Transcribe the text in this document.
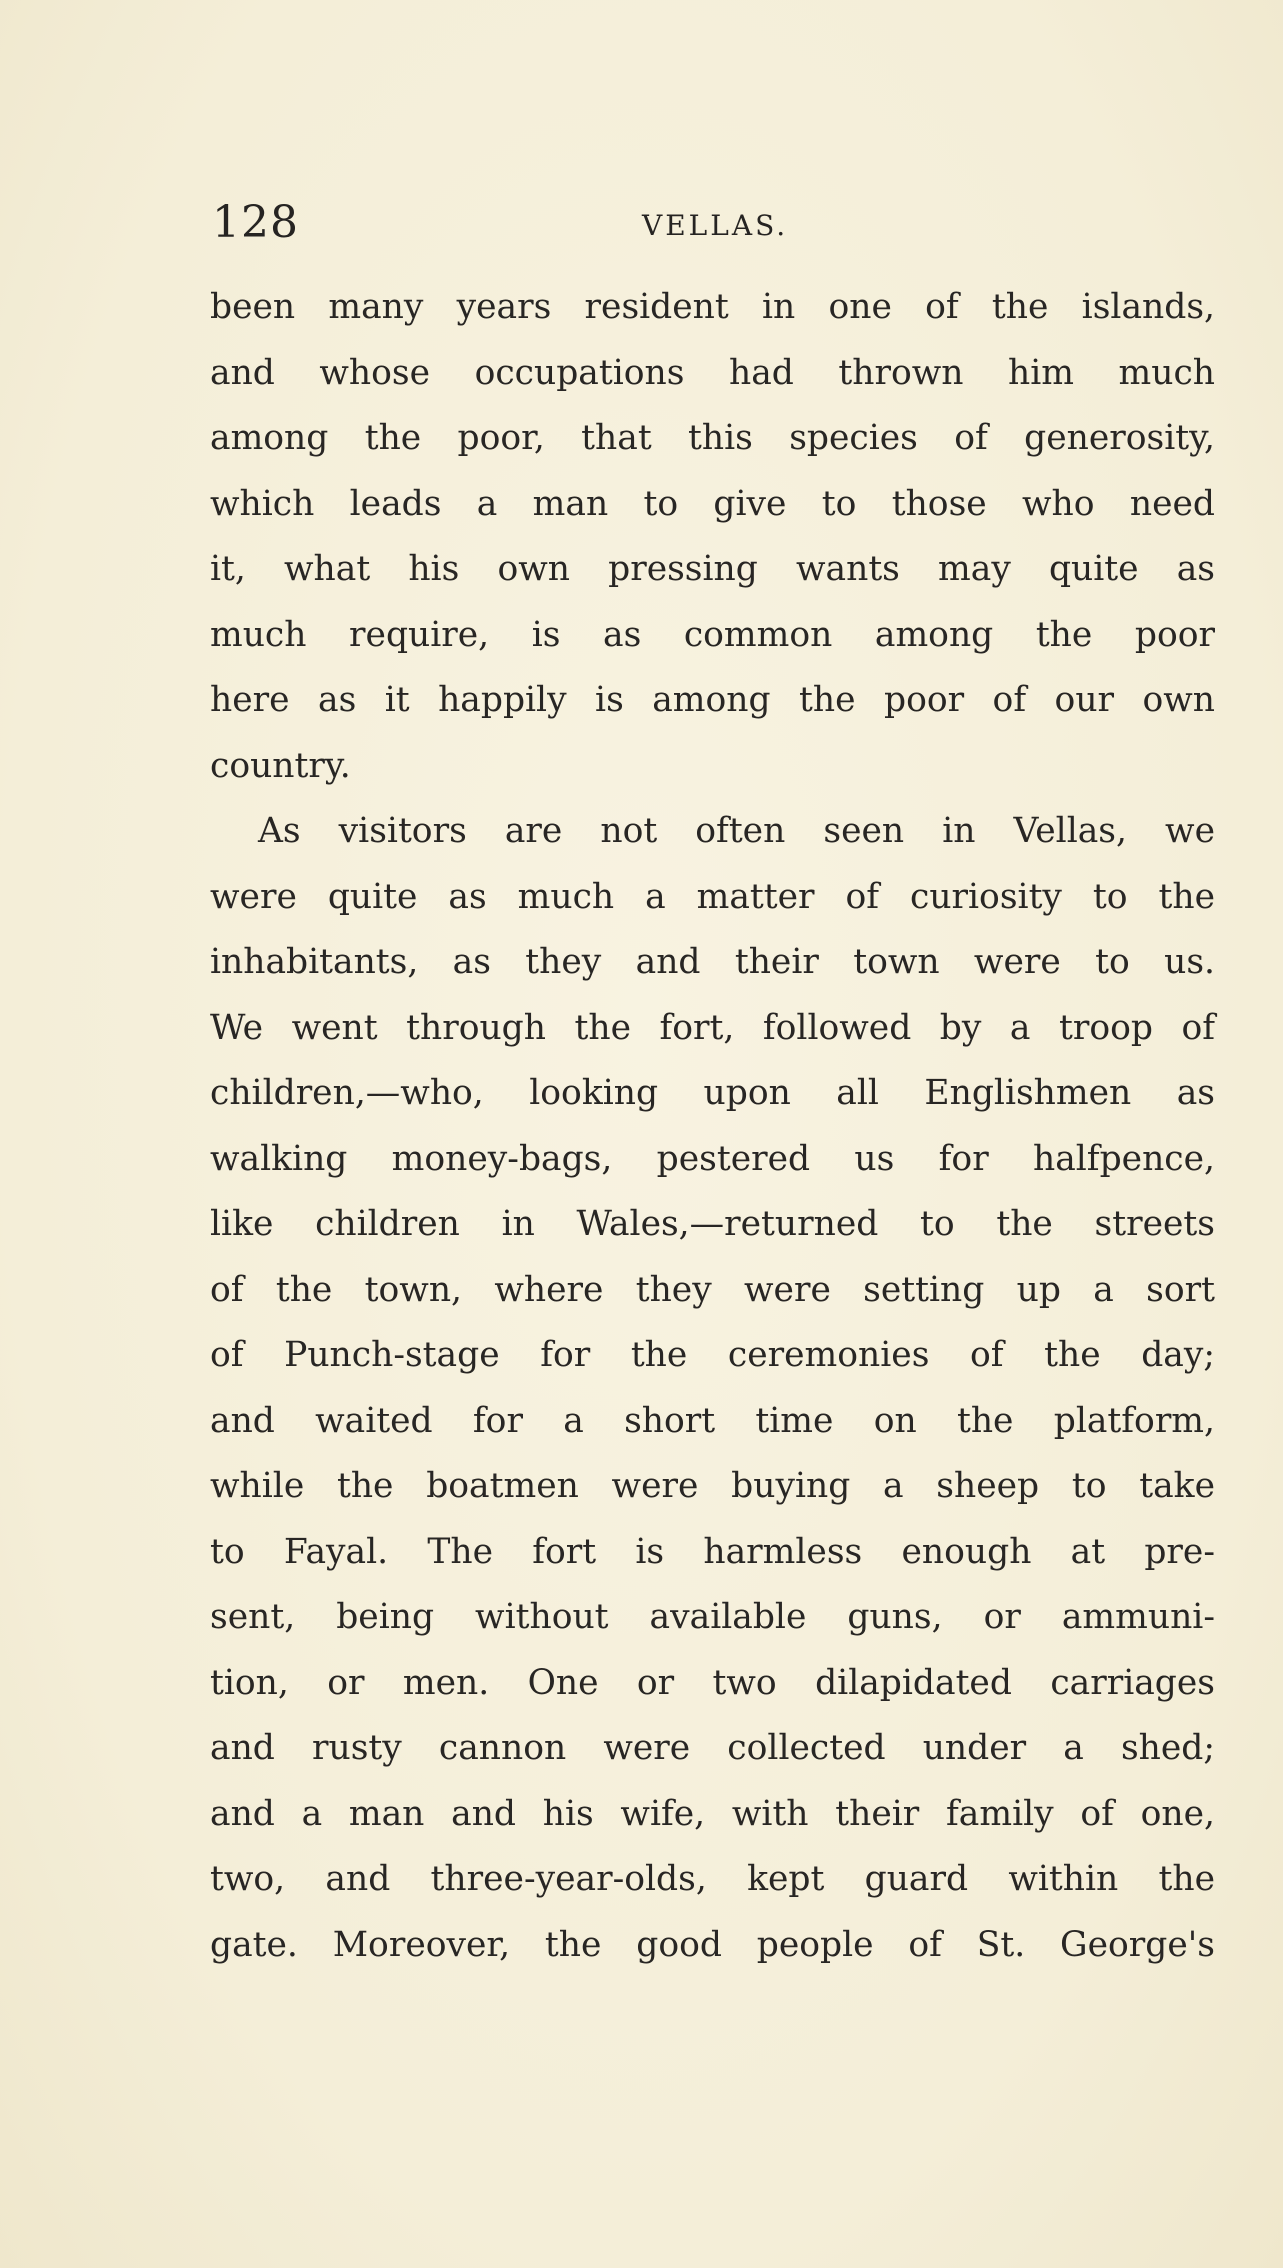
128	VELLAS.
been many years resident in one of the islands,
and whose occupations had thrown him much
among the poor, that this species of generosity,
which leads a man to give to those who need
it, what his own pressing wants may quite as
much require, is as common among the poor
here as it happily is among the poor of our own
country.
As visitors are not often seen in Vellas, we
were quite as much a matter of curiosity to the
inhabitants, as they and their town were to us.
We went through the fort, followed by a troop of
children,—who, looking upon all Englishmen as
walking money-bags, pestered us for halfpence,
like children in Wales,—returned to the streets
of the town, where they were setting up a sort
of Punch-stage for the ceremonies of the day;
and waited for a short time on the platform,
while the boatmen were buying a sheep to take
to Fayal. The fort is harmless enough at pre-
sent, being without available guns, or ammuni-
tion, or men. One or two dilapidated carriages
and rusty cannon were collected under a shed;
and a man and his wife, with their family of one,
two, and three-year-olds, kept guard within the
gate. Moreover, the good people of St. George's
